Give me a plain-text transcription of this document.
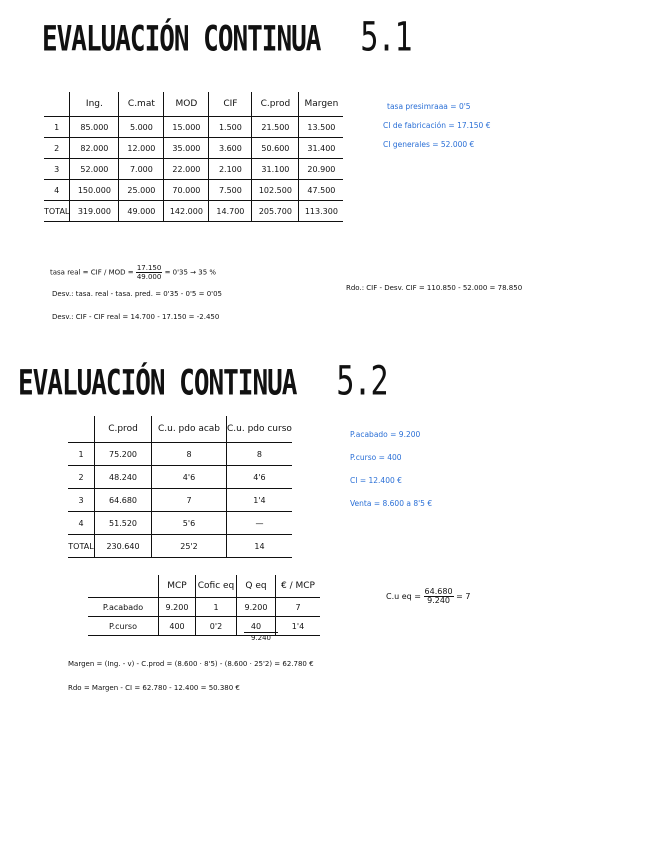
EVALUACIÓN CONTINUA 5.1
	Ing.	C.mat	MOD	CIF	C.prod	Margen
1	85.000	5.000	15.000	1.500	21.500	13.500
2	82.000	12.000	35.000	3.600	50.600	31.400
3	52.000	7.000	22.000	2.100	31.100	20.900
4	150.000	25.000	70.000	7.500	102.500	47.500
TOTAL	319.000	49.000	142.000	14.700	205.700	113.300
tasa presimraaa = 0'5
CI de fabricación = 17.150 €
CI generales = 52.000 €
tasa real = CIF / MOD = $\frac{17.150}{49.000} = 0'35 \to 35$ %
Desv.: tasa. real - tasa. pred. = 0'35 - 0'5 = 0'05
Desv.: CIF - CIF real = 14.700 - 17.150 = -2.450
Rdo.: CIF - Desv. CIF = 110.850 - 52.000 = 78.850
EVALUACIÓN CONTINUA 5.2
	C.prod	C.u. pdo acab	C.u. pdo curso
1	75.200	8	8
2	48.240	4'6	4'6
3	64.680	7	1'4
4	51.520	5'6	—
TOTAL	230.640	25'2	14
P.acabado = 9.200
P.curso = 400
CI = 12.400 €
Venta = 8.600 a 8'5 €
	MCP	Cofic eq	Q eq	€ / MCP
P.acabado	9.200	1	9.200	7
P.curso	400	0'2	40	1'4
9.240
C.u eq = $\frac{64.680}{9.240} = 7$
Margen = (Ing. - v) - C.prod = (8.600 · 8'5) - (8.600 · 25'2) = 62.780 €
Rdo = Margen - CI = 62.780 - 12.400 = 50.380 €
